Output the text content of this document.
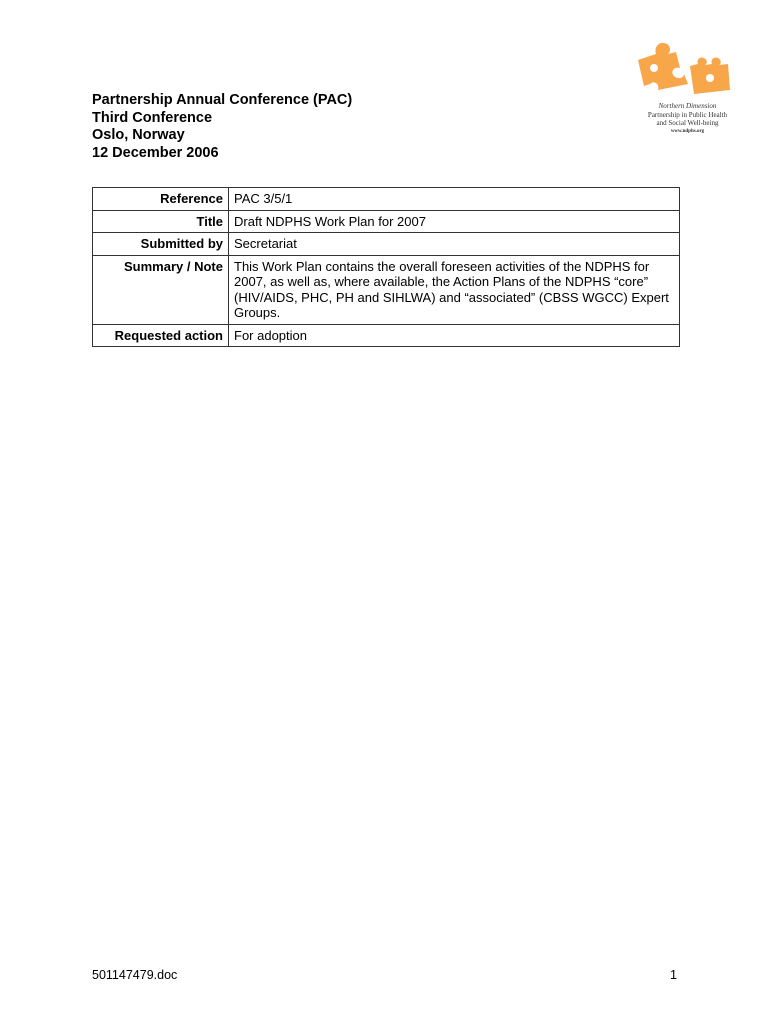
Partnership Annual Conference (PAC)
Third Conference
Oslo, Norway
12 December 2006
Northern Dimension
Partnership in Public Health
and Social Well-being
www.ndphs.org
Reference	PAC 3/5/1
Title	Draft NDPHS Work Plan for 2007
Submitted by	Secretariat
Summary / Note	This Work Plan contains the overall foreseen activities of the NDPHS for 2007, as well as, where available, the Action Plans of the NDPHS “core” (HIV/AIDS, PHC, PH and SIHLWA) and “associated” (CBSS WGCC) Expert Groups.
Requested action	For adoption
501147479.doc	1
